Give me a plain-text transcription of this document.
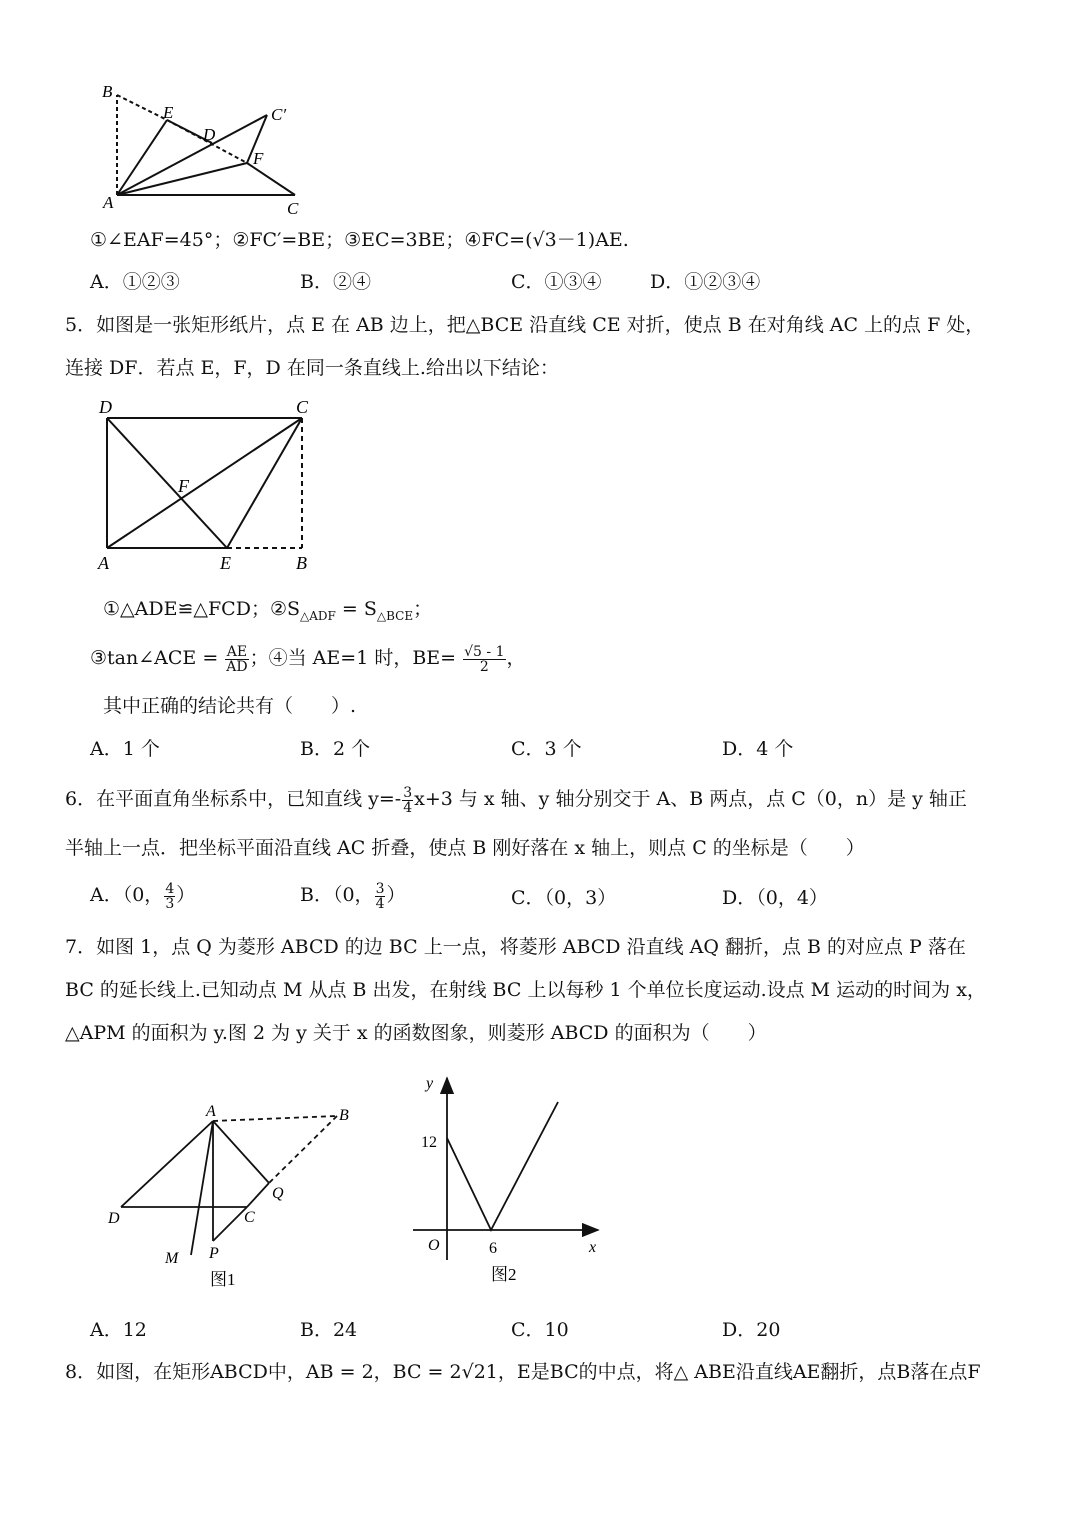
B
E
D
C′
F
A	C
①∠EAF=45°；②FC′=BE；③EC=3BE；④FC=(√3－1)AE.
A．①②③	B．②④	C．①③④	D．①②③④
5．如图是一张矩形纸片，点 E 在 AB 边上，把△BCE 沿直线 CE 对折，使点 B 在对角线 AC 上的点 F 处，
连接 DF．若点 E，F，D 在同一条直线上.给出以下结论：
D	C
F
A	E	B
①△ADE≌△FCD；$②S_{\triangle ADF} = S_{\triangle BCE}$；
③tan∠ACE = $\frac{AE}{AD}$ ；④当 AE=1 时，$BE= \frac{√5 - 1}{2}$ ，
其中正确的结论共有（　　）.
A．1 个	B．2 个	C．3 个	D．4 个
6．在平面直角坐标系中，已知直线 $y=- \frac{3}{4} x+3$ 与 x 轴、y 轴分别交于 A、B 两点，点 C（0，n）是 y 轴正
半轴上一点．把坐标平面沿直线 AC 折叠，使点 B 刚好落在 x 轴上，则点 C 的坐标是（　　）
A．（0， $\frac{4}{3}$ ）	B．（0， $\frac{3}{4}$ ）	C．（0，3）	D．（0，4）
7．如图 1，点 Q 为菱形 ABCD 的边 BC 上一点，将菱形 ABCD 沿直线 AQ 翻折，点 B 的对应点 P 落在
BC 的延长线上.已知动点 M 从点 B 出发，在射线 BC 上以每秒 1 个单位长度运动.设点 M 运动的时间为 x，
△APM 的面积为 y.图 2 为 y 关于 x 的函数图象，则菱形 ABCD 的面积为（　　）
A	B
D	C
Q
M P
图1
y
12
O	6	x
图2
A．12	B．24	C．10	D．20
8．如图，在矩形ABCD中，AB = 2，BC = 2√21，E是BC的中点，将△ ABE沿直线AE翻折，点B落在点F
